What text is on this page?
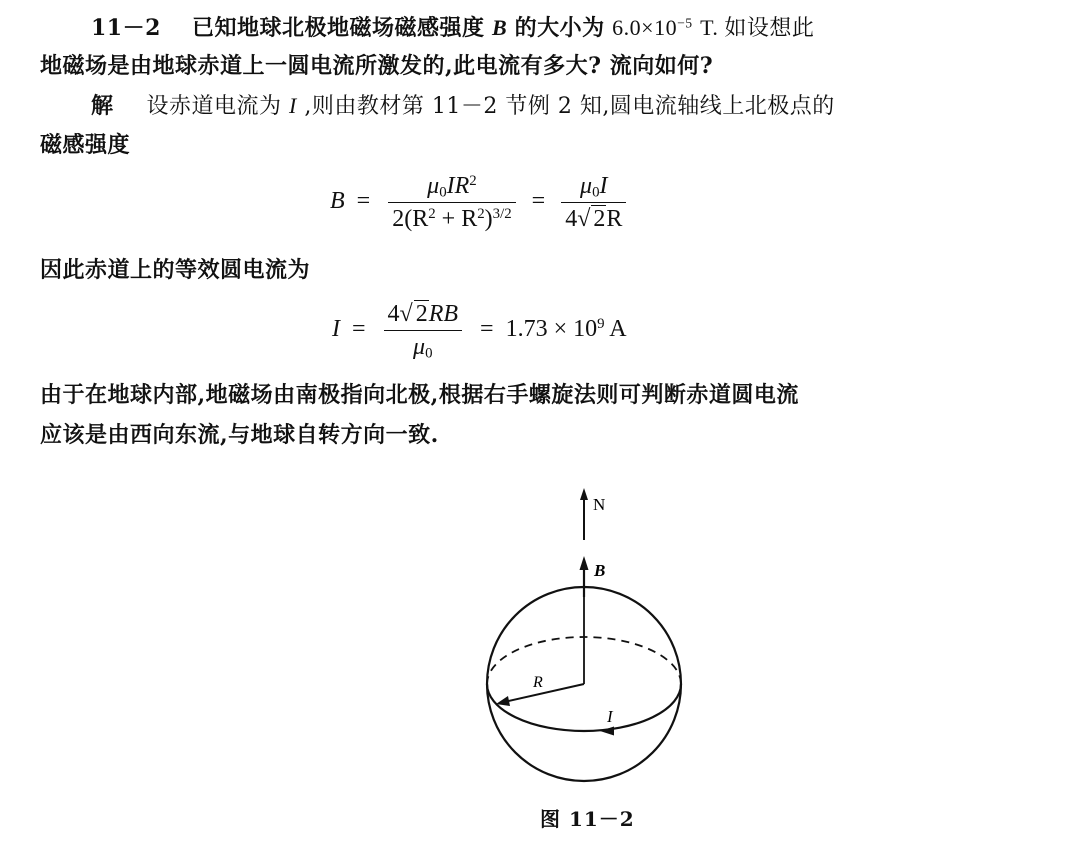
11－2 已知地球北极地磁场磁感强度 B 的大小为 $6.0\times 10^{-5}$ T. 如设想此
地磁场是由地球赤道上一圆电流所激发的,此电流有多大? 流向如何?
解 设赤道电流为 I ,则由教材第 11－2 节例 2 知,圆电流轴线上北极点的
磁感强度
$B = \frac{\mu_0IR^2}{2(R^2 + R^2)^{3/2}} = \frac{\mu_0I}{4√ 2R}$
因此赤道上的等效圆电流为
$I = \frac{4√ 2RB}{\mu_0} = 1.73 \times 10^9$ A
由于在地球内部,地磁场由南极指向北极,根据右手螺旋法则可判断赤道圆电流
应该是由西向东流,与地球自转方向一致.
N
B
R
I
图 11－2
